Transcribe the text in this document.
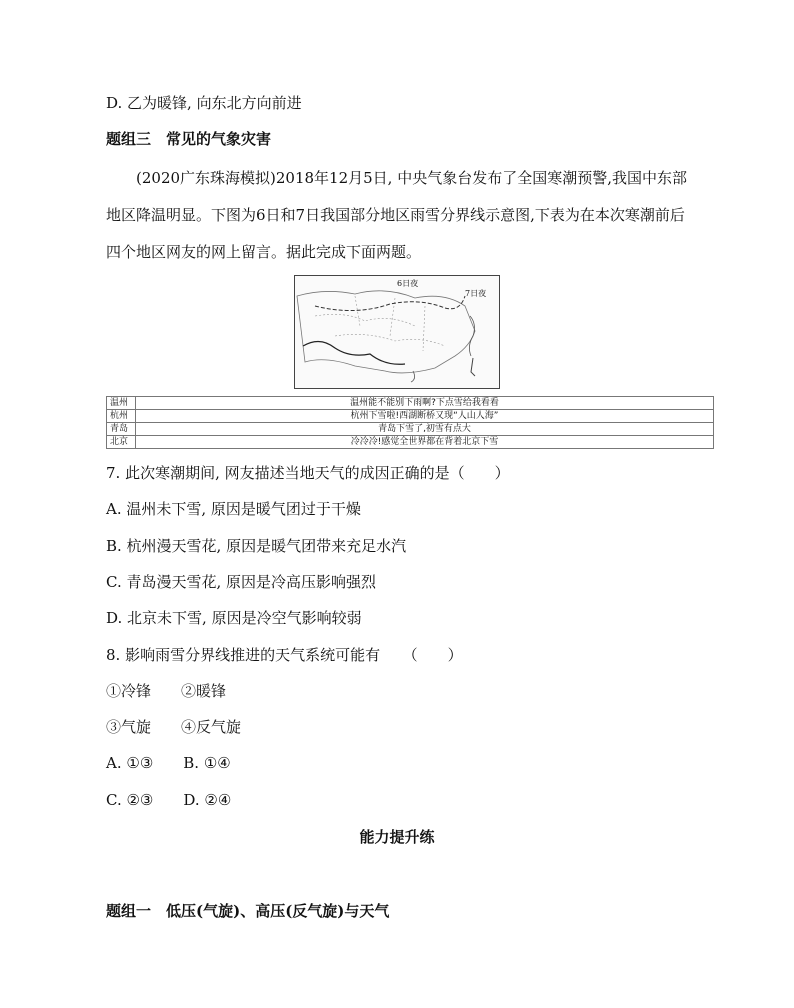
D. 乙为暖锋, 向东北方向前进
题组三　常见的气象灾害
(2020广东珠海模拟)2018年12月5日, 中央气象台发布了全国寒潮预警,我国中东部地区降温明显。下图为6日和7日我国部分地区雨雪分界线示意图,下表为在本次寒潮前后四个地区网友的网上留言。据此完成下面两题。
6日夜
7日夜
温州	温州能不能别下雨啊?下点雪给我看看
杭州	杭州下雪啦!西湖断桥又现“人山人海”
青岛	青岛下雪了,初雪有点大
北京	冷冷冷!感觉全世界都在背着北京下雪
7. 此次寒潮期间, 网友描述当地天气的成因正确的是（　　）
A. 温州未下雪, 原因是暖气团过于干燥
B. 杭州漫天雪花, 原因是暖气团带来充足水汽
C. 青岛漫天雪花, 原因是冷高压影响强烈
D. 北京未下雪, 原因是冷空气影响较弱
8. 影响雨雪分界线推进的天气系统可能有　　（　　）
①冷锋　　②暖锋
③气旋　　④反气旋
A. ①③　　B. ①④
C. ②③　　D. ②④
能力提升练
题组一　低压(气旋)、高压(反气旋)与天气
